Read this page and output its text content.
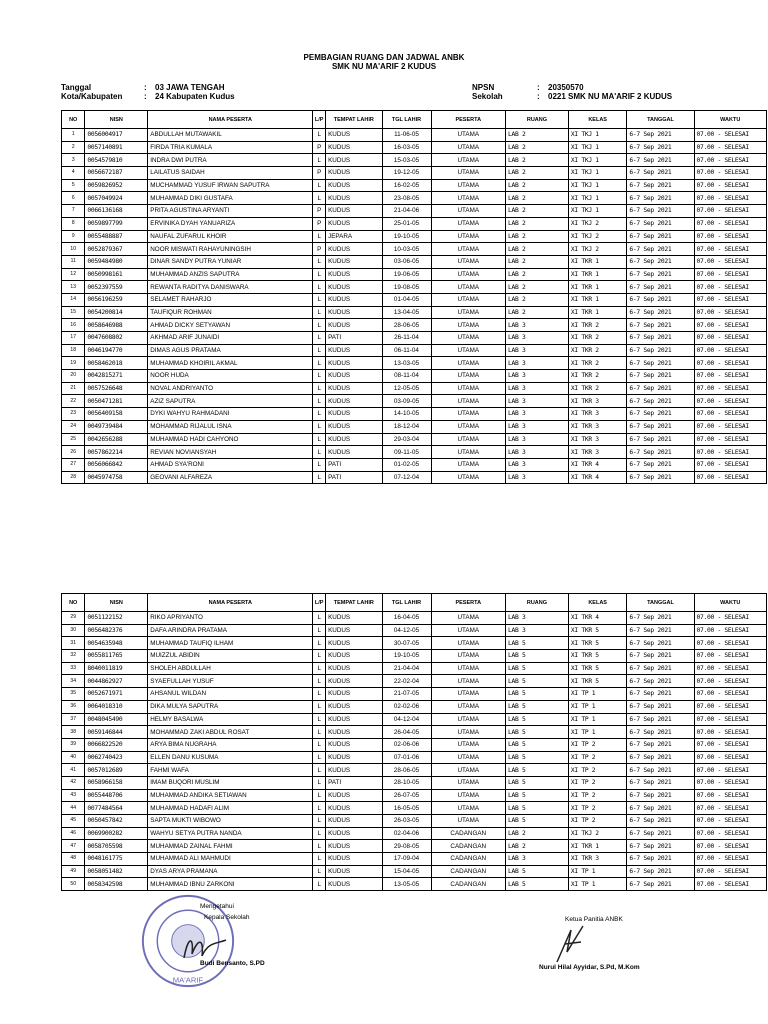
PEMBAGIAN RUANG DAN JADWAL ANBK
SMK NU MA'ARIF 2 KUDUS
Tanggal	: 03 JAWA TENGAH
Kota/Kabupaten	: 24 Kabupaten Kudus
NPSN	: 20350570
Sekolah	: 0221 SMK NU MA'ARIF 2 KUDUS
NO	NISN	NAMA PESERTA	L/P	TEMPAT LAHIR	TGL LAHIR	PESERTA	RUANG	KELAS	TANGGAL	WAKTU
1	0056004917	ABDULLAH MUTAWAKIL	L	KUDUS	11-06-05	UTAMA	LAB 2	XI TKJ 1	6-7 Sep 2021	07.00 - SELESAI
2	0057140891	FIRDA TRIA KUMALA	P	KUDUS	16-03-05	UTAMA	LAB 2	XI TKJ 1	6-7 Sep 2021	07.00 - SELESAI
3	0054579810	INDRA DWI PUTRA	L	KUDUS	15-03-05	UTAMA	LAB 2	XI TKJ 1	6-7 Sep 2021	07.00 - SELESAI
4	0056672187	LAILATUS SAIDAH	P	KUDUS	19-12-05	UTAMA	LAB 2	XI TKJ 1	6-7 Sep 2021	07.00 - SELESAI
5	0059826952	MUCHAMMAD YUSUF IRWAN SAPUTRA	L	KUDUS	16-02-05	UTAMA	LAB 2	XI TKJ 1	6-7 Sep 2021	07.00 - SELESAI
6	0057049924	MUHAMMAD DIKI GUSTAFA	L	KUDUS	23-08-05	UTAMA	LAB 2	XI TKJ 1	6-7 Sep 2021	07.00 - SELESAI
7	0066136168	PRITA AGUSTINA ARYANTI	P	KUDUS	21-04-06	UTAMA	LAB 2	XI TKJ 1	6-7 Sep 2021	07.00 - SELESAI
8	0059897799	ERVINIKA DYAH YANUARIZA	P	KUDUS	25-01-05	UTAMA	LAB 2	XI TKJ 2	6-7 Sep 2021	07.00 - SELESAI
9	0055488887	NAUFAL ZUFARUL KHOIR	L	JEPARA	19-10-05	UTAMA	LAB 2	XI TKJ 2	6-7 Sep 2021	07.00 - SELESAI
10	0052879367	NOOR MISWATI RAHAYUNINGSIH	P	KUDUS	10-03-05	UTAMA	LAB 2	XI TKJ 2	6-7 Sep 2021	07.00 - SELESAI
11	0059484980	DINAR SANDY PUTRA YUNIAR	L	KUDUS	03-06-05	UTAMA	LAB 2	XI TKR 1	6-7 Sep 2021	07.00 - SELESAI
12	0050998161	MUHAMMAD ANZIS SAPUTRA	L	KUDUS	19-06-05	UTAMA	LAB 2	XI TKR 1	6-7 Sep 2021	07.00 - SELESAI
13	0052397559	REWANTA RADITYA DANISWARA	L	KUDUS	19-08-05	UTAMA	LAB 2	XI TKR 1	6-7 Sep 2021	07.00 - SELESAI
14	0056196259	SELAMET RAHARJO	L	KUDUS	01-04-05	UTAMA	LAB 2	XI TKR 1	6-7 Sep 2021	07.00 - SELESAI
15	0054200814	TAUFIQUR ROHMAN	L	KUDUS	13-04-05	UTAMA	LAB 2	XI TKR 1	6-7 Sep 2021	07.00 - SELESAI
16	0058646988	AHMAD DICKY SETYAWAN	L	KUDUS	28-06-05	UTAMA	LAB 3	XI TKR 2	6-7 Sep 2021	07.00 - SELESAI
17	0047608802	AKHMAD ARIF JUNAIDI	L	PATI	26-11-04	UTAMA	LAB 3	XI TKR 2	6-7 Sep 2021	07.00 - SELESAI
18	0046194770	DIMAS AGUS PRATAMA	L	KUDUS	06-11-04	UTAMA	LAB 3	XI TKR 2	6-7 Sep 2021	07.00 - SELESAI
19	0058462018	MUHAMMAD KHOIRIL AKMAL	L	KUDUS	13-03-05	UTAMA	LAB 3	XI TKR 2	6-7 Sep 2021	07.00 - SELESAI
20	0042815271	NOOR HUDA	L	KUDUS	08-11-04	UTAMA	LAB 3	XI TKR 2	6-7 Sep 2021	07.00 - SELESAI
21	0057526648	NOVAL ANDRIYANTO	L	KUDUS	12-05-05	UTAMA	LAB 3	XI TKR 2	6-7 Sep 2021	07.00 - SELESAI
22	0050471281	AZIZ SAPUTRA	L	KUDUS	03-09-05	UTAMA	LAB 3	XI TKR 3	6-7 Sep 2021	07.00 - SELESAI
23	0056409158	DYKI WAHYU RAHMADANI	L	KUDUS	14-10-05	UTAMA	LAB 3	XI TKR 3	6-7 Sep 2021	07.00 - SELESAI
24	0049739484	MOHAMMAD RIJALUL ISNA	L	KUDUS	18-12-04	UTAMA	LAB 3	XI TKR 3	6-7 Sep 2021	07.00 - SELESAI
25	0042656288	MUHAMMAD HADI CAHYONO	L	KUDUS	29-03-04	UTAMA	LAB 3	XI TKR 3	6-7 Sep 2021	07.00 - SELESAI
26	0057862214	REVIAN NOVIANSYAH	L	KUDUS	09-11-05	UTAMA	LAB 3	XI TKR 3	6-7 Sep 2021	07.00 - SELESAI
27	0056066842	AHMAD SYA'RONI	L	PATI	01-02-05	UTAMA	LAB 3	XI TKR 4	6-7 Sep 2021	07.00 - SELESAI
28	0045974758	GEOVANI ALFAREZA	L	PATI	07-12-04	UTAMA	LAB 3	XI TKR 4	6-7 Sep 2021	07.00 - SELESAI
NO	NISN	NAMA PESERTA	L/P	TEMPAT LAHIR	TGL LAHIR	PESERTA	RUANG	KELAS	TANGGAL	WAKTU
29	0051122152	RIKO APRIYANTO	L	KUDUS	16-04-05	UTAMA	LAB 3	XI TKR 4	6-7 Sep 2021	07.00 - SELESAI
30	0056482376	DAFA ARINDRA PRATAMA	L	KUDUS	04-12-05	UTAMA	LAB 3	XI TKR 5	6-7 Sep 2021	07.00 - SELESAI
31	0054635948	MUHAMMAD TAUFIQ ILHAM	L	KUDUS	30-07-05	UTAMA	LAB 5	XI TKR 5	6-7 Sep 2021	07.00 - SELESAI
32	0055811765	MUIZZUL ABIDIN	L	KUDUS	19-10-05	UTAMA	LAB 5	XI TKR 5	6-7 Sep 2021	07.00 - SELESAI
33	8040011819	SHOLEH ABDULLAH	L	KUDUS	21-04-04	UTAMA	LAB 5	XI TKR 5	6-7 Sep 2021	07.00 - SELESAI
34	0044862927	SYAEFULLAH YUSUF	L	KUDUS	22-02-04	UTAMA	LAB 5	XI TKR 5	6-7 Sep 2021	07.00 - SELESAI
35	0052671971	AHSANUL WILDAN	L	KUDUS	21-07-05	UTAMA	LAB 5	XI TP 1	6-7 Sep 2021	07.00 - SELESAI
36	0064018310	DIKA MULYA SAPUTRA	L	KUDUS	02-02-06	UTAMA	LAB 5	XI TP 1	6-7 Sep 2021	07.00 - SELESAI
37	0048045490	HELMY BASALWA	L	KUDUS	04-12-04	UTAMA	LAB 5	XI TP 1	6-7 Sep 2021	07.00 - SELESAI
38	0059146844	MOHAMMAD ZAKI ABDUL ROSAT	L	KUDUS	26-04-05	UTAMA	LAB 5	XI TP 1	6-7 Sep 2021	07.00 - SELESAI
39	0066822520	ARYA BIMA NUGRAHA	L	KUDUS	02-06-06	UTAMA	LAB 5	XI TP 2	6-7 Sep 2021	07.00 - SELESAI
40	0062740423	ELLEN DANU KUSUMA	L	KUDUS	07-01-06	UTAMA	LAB 5	XI TP 2	6-7 Sep 2021	07.00 - SELESAI
41	0057012689	FAHMI WAFA	L	KUDUS	28-06-05	UTAMA	LAB 5	XI TP 2	6-7 Sep 2021	07.00 - SELESAI
42	0058966158	IMAM BUQORI MUSLIM	L	PATI	28-10-05	UTAMA	LAB 5	XI TP 2	6-7 Sep 2021	07.00 - SELESAI
43	0055448706	MUHAMMAD ANDIKA SETIAWAN	L	KUDUS	26-07-05	UTAMA	LAB 5	XI TP 2	6-7 Sep 2021	07.00 - SELESAI
44	0077484564	MUHAMMAD HADAFI ALIM	L	KUDUS	16-05-05	UTAMA	LAB 5	XI TP 2	6-7 Sep 2021	07.00 - SELESAI
45	0050457842	SAPTA MUKTI WIBOWO	L	KUDUS	26-03-05	UTAMA	LAB 5	XI TP 2	6-7 Sep 2021	07.00 - SELESAI
46	0069900282	WAHYU SETYA PUTRA NANDA	L	KUDUS	02-04-06	CADANGAN	LAB 2	XI TKJ 2	6-7 Sep 2021	07.00 - SELESAI
47	0058705598	MUHAMMAD ZAINAL FAHMI	L	KUDUS	29-08-05	CADANGAN	LAB 2	XI TKR 1	6-7 Sep 2021	07.00 - SELESAI
48	0048161775	MUHAMMAD ALI MAHMUDI	L	KUDUS	17-09-04	CADANGAN	LAB 3	XI TKR 3	6-7 Sep 2021	07.00 - SELESAI
49	0058051482	DYAS ARYA PRAMANA	L	KUDUS	15-04-05	CADANGAN	LAB 5	XI TP 1	6-7 Sep 2021	07.00 - SELESAI
50	0058342598	MUHAMMAD IBNU ZARKONI	L	KUDUS	13-05-05	CADANGAN	LAB 5	XI TP 1	6-7 Sep 2021	07.00 - SELESAI
MA'ARIF
Mengetahui
Kepala Sekolah
Budi Bensanto, S.PD
Ketua Panitia ANBK
Nurul Hilal Ayyidar, S.Pd, M.Kom
